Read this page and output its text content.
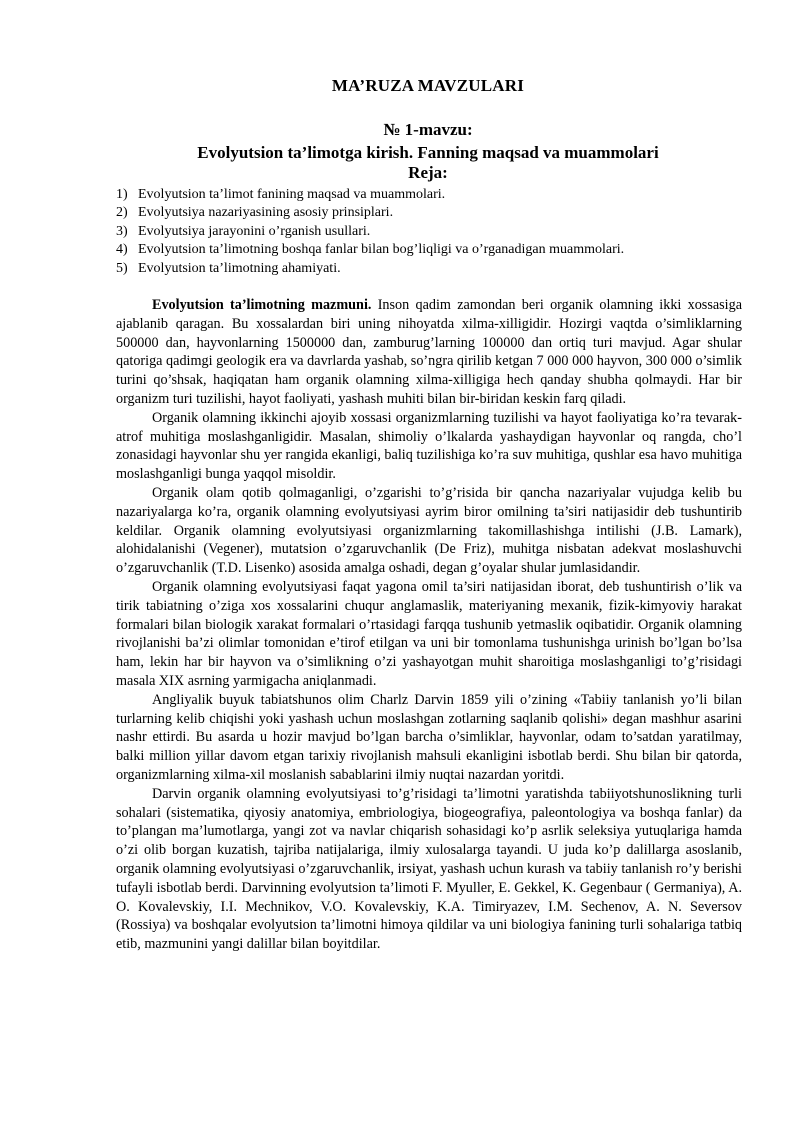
MA’RUZA MAVZULARI
№ 1-mavzu:
Evolyutsion ta’limotga kirish. Fanning maqsad va muammolari
Reja:
1) Evolyutsion ta’limot fanining maqsad va muammolari.
2) Evolyutsiya nazariyasining asosiy prinsiplari.
3) Evolyutsiya jarayonini o’rganish usullari.
4) Evolyutsion ta’limotning boshqa fanlar bilan bog’liqligi va o’rganadigan muammolari.
5) Evolyutsion ta’limotning ahamiyati.

Evolyutsion ta’limotning mazmuni. Inson qadim zamondan beri organik olamning ikki xossasiga ajablanib qaragan. Bu xossalardan biri uning nihoyatda xilma-xilligidir. Hozirgi vaqtda o’simliklarning 500000 dan, hayvonlarning 1500000 dan, zamburug’larning 100000 dan ortiq turi mavjud. Agar shular qatoriga qadimgi geologik era va davrlarda yashab, so’ngra qirilib ketgan 7 000 000 hayvon, 300 000 o’simlik turini qo’shsak, haqiqatan ham organik olamning xilma-xilligiga hech qanday shubha qolmaydi. Har bir organizm turi tuzilishi, hayot faoliyati, yashash muhiti bilan bir-biridan keskin farq qiladi.

Organik olamning ikkinchi ajoyib xossasi organizmlarning tuzilishi va hayot faoliyatiga ko’ra tevarak-atrof muhitiga moslashganligidir. Masalan, shimoliy o’lkalarda yashaydigan hayvonlar oq rangda, cho’l zonasidagi hayvonlar shu yer rangida ekanligi, baliq tuzilishiga ko’ra suv muhitiga, qushlar esa havo muhitiga moslashganligi bunga yaqqol misoldir.

Organik olam qotib qolmaganligi, o’zgarishi to’g’risida bir qancha nazariyalar vujudga kelib bu nazariyalarga ko’ra, organik olamning evolyutsiyasi ayrim biror omilning ta’siri natijasidir deb tushuntirib keldilar. Organik olamning evolyutsiyasi organizmlarning takomillashishga intilishi (J.B. Lamark), alohidalanishi (Vegener), mutatsion o’zgaruvchanlik (De Friz), muhitga nisbatan adekvat moslashuvchi o’zgaruvchanlik (T.D. Lisenko) asosida amalga oshadi, degan g’oyalar shular jumlasidandir.

Organik olamning evolyutsiyasi faqat yagona omil ta’siri natijasidan iborat, deb tushuntirish o’lik va tirik tabiatning o’ziga xos xossalarini chuqur anglamaslik, materiyaning mexanik, fizik-kimyoviy harakat formalari bilan biologik xarakat formalari o’rtasidagi farqqa tushunib yetmaslik oqibatidir. Organik olamning rivojlanishi ba’zi olimlar tomonidan e’tirof etilgan va uni bir tomonlama tushunishga urinish bo’lgan bo’lsa ham, lekin har bir hayvon va o’simlikning o’zi yashayotgan muhit sharoitiga moslashganligi to’g’risidagi masala XIX asrning yarmigacha aniqlanmadi.

Angliyalik buyuk tabiatshunos olim Charlz Darvin 1859 yili o’zining «Tabiiy tanlanish yo’li bilan turlarning kelib chiqishi yoki yashash uchun moslashgan zotlarning saqlanib qolishi» degan mashhur asarini nashr ettirdi. Bu asarda u hozir mavjud bo’lgan barcha o’simliklar, hayvonlar, odam to’satdan yaratilmay, balki million yillar davom etgan tarixiy rivojlanish mahsuli ekanligini isbotlab berdi. Shu bilan bir qatorda, organizmlarning xilma-xil moslanish sabablarini ilmiy nuqtai nazardan yoritdi.

Darvin organik olamning evolyutsiyasi to’g’risidagi ta’limotni yaratishda tabiiyotshunoslikning turli sohalari (sistematika, qiyosiy anatomiya, embriologiya, biogeografiya, paleontologiya va boshqa fanlar) da to’plangan ma’lumotlarga, yangi zot va navlar chiqarish sohasidagi ko’p asrlik seleksiya yutuqlariga hamda o’zi olib borgan kuzatish, tajriba natijalariga, ilmiy xulosalarga tayandi. U juda ko’p dalillarga asoslanib, organik olamning evolyutsiyasi o’zgaruvchanlik, irsiyat, yashash uchun kurash va tabiiy tanlanish ro’y berishi tufayli isbotlab berdi. Darvinning evolyutsion ta’limoti F. Myuller, E. Gekkel, K. Gegenbaur ( Germaniya), A. O. Kovalevskiy, I.I. Mechnikov, V.O. Kovalevskiy, K.A. Timiryazev, I.M. Sechenov, A. N. Seversov (Rossiya) va boshqalar evolyutsion ta’limotni himoya qildilar va uni biologiya fanining turli sohalariga tatbiq etib, mazmunini yangi dalillar bilan boyitdilar.
